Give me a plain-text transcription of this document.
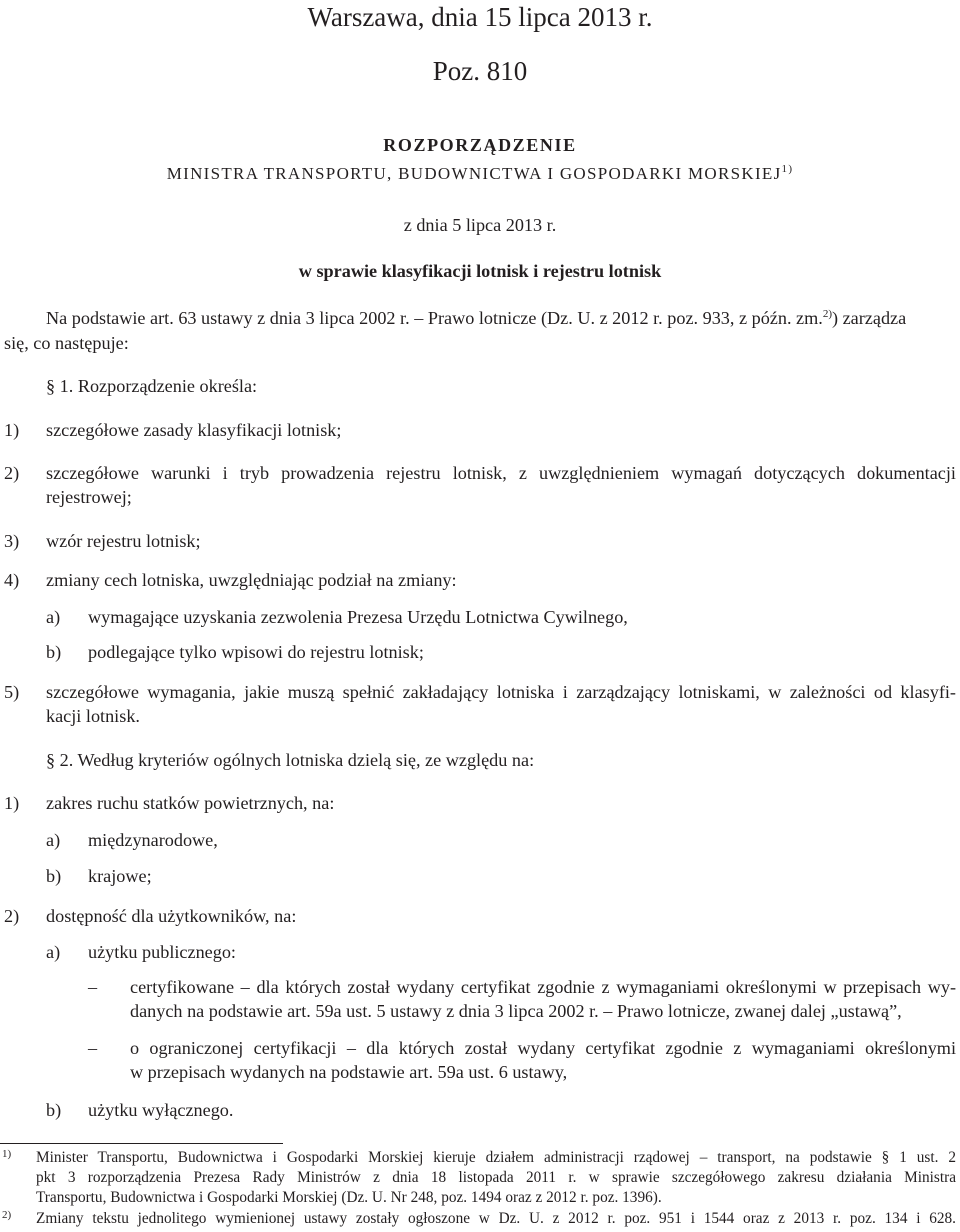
Warszawa, dnia 15 lipca 2013 r.
Poz. 810
ROZPORZĄDZENIE
MINISTRA TRANSPORTU, BUDOWNICTWA I GOSPODARKI MORSKIEJ$^{1)}$
z dnia 5 lipca 2013 r.
w sprawie klasyfikacji lotnisk i rejestru lotnisk
Na podstawie art. 63 ustawy z dnia 3 lipca 2002 r. – Prawo lotnicze (Dz. U. z 2012 r. poz. 933, z późn. zm.$^{2)}$) zarządza
się, co następuje:
§ 1. Rozporządzenie określa:
1) szczegółowe zasady klasyfikacji lotnisk;
2) szczegółowe warunki i tryb prowadzenia rejestru lotnisk, z uwzględnieniem wymagań dotyczących dokumentacji rejestrowej;
3) wzór rejestru lotnisk;
4) zmiany cech lotniska, uwzględniając podział na zmiany:
a) wymagające uzyskania zezwolenia Prezesa Urzędu Lotnictwa Cywilnego,
b) podlegające tylko wpisowi do rejestru lotnisk;
5) szczegółowe wymagania, jakie muszą spełnić zakładający lotniska i zarządzający lotniskami, w zależności od klasyfi-
kacji lotnisk.
§ 2. Według kryteriów ogólnych lotniska dzielą się, ze względu na:
1) zakres ruchu statków powietrznych, na:
a) międzynarodowe,
b) krajowe;
2) dostępność dla użytkowników, na:
a) użytku publicznego:
– certyfikowane – dla których został wydany certyfikat zgodnie z wymaganiami określonymi w przepisach wy-
danych na podstawie art. 59a ust. 5 ustawy z dnia 3 lipca 2002 r. – Prawo lotnicze, zwanej dalej „ustawą”,
– o ograniczonej certyfikacji – dla których został wydany certyfikat zgodnie z wymaganiami określonymi
w przepisach wydanych na podstawie art. 59a ust. 6 ustawy,
b) użytku wyłącznego.
1) Minister Transportu, Budownictwa i Gospodarki Morskiej kieruje działem administracji rządowej – transport, na podstawie § 1 ust. 2
pkt 3 rozporządzenia Prezesa Rady Ministrów z dnia 18 listopada 2011 r. w sprawie szczegółowego zakresu działania Ministra
Transportu, Budownictwa i Gospodarki Morskiej (Dz. U. Nr 248, poz. 1494 oraz z 2012 r. poz. 1396).
2) Zmiany tekstu jednolitego wymienionej ustawy zostały ogłoszone w Dz. U. z 2012 r. poz. 951 i 1544 oraz z 2013 r. poz. 134 i 628.
